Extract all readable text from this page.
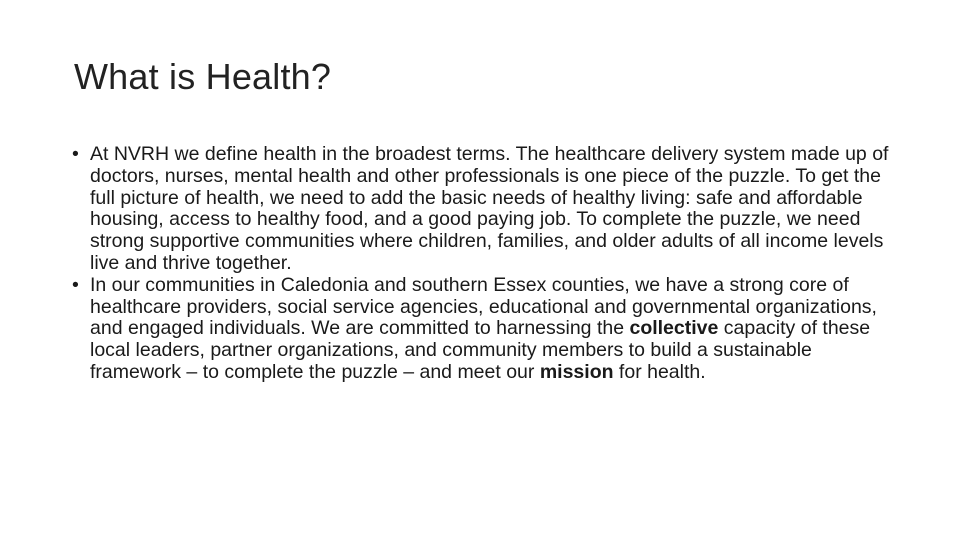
What is Health?
• At NVRH we define health in the broadest terms. The healthcare delivery system made up of doctors, nurses, mental health and other professionals is one piece of the puzzle. To get the full picture of health, we need to add the basic needs of healthy living: safe and affordable housing, access to healthy food, and a good paying job. To complete the puzzle, we need strong supportive communities where children, families, and older adults of all income levels live and thrive together.
• In our communities in Caledonia and southern Essex counties, we have a strong core of healthcare providers, social service agencies, educational and governmental organizations, and engaged individuals. We are committed to harnessing the collective capacity of these local leaders, partner organizations, and community members to build a sustainable framework – to complete the puzzle – and meet our mission for health.
